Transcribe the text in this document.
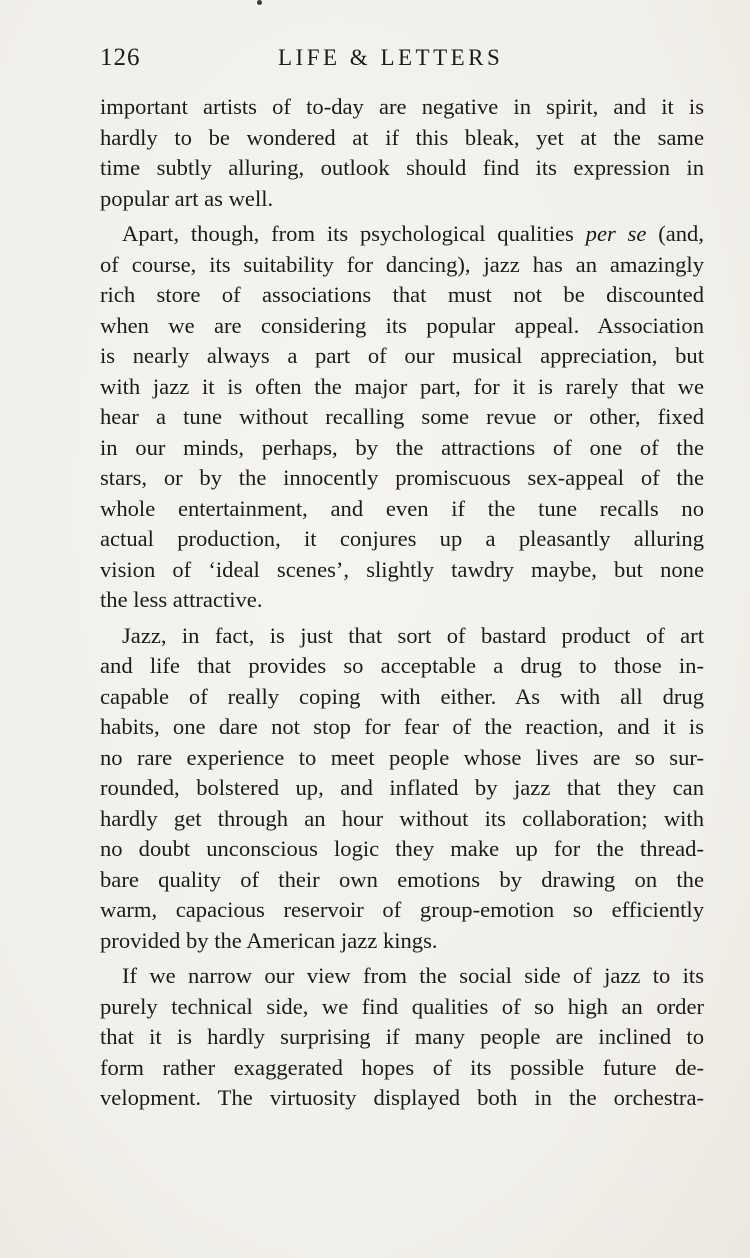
126	LIFE & LETTERS

important artists of to-day are negative in spirit, and it is
hardly to be wondered at if this bleak, yet at the same
time subtly alluring, outlook should find its expression in
popular art as well.

Apart, though, from its psychological qualities per se (and,
of course, its suitability for dancing), jazz has an amazingly
rich store of associations that must not be discounted
when we are considering its popular appeal. Association
is nearly always a part of our musical appreciation, but
with jazz it is often the major part, for it is rarely that we
hear a tune without recalling some revue or other, fixed
in our minds, perhaps, by the attractions of one of the
stars, or by the innocently promiscuous sex-appeal of the
whole entertainment, and even if the tune recalls no
actual production, it conjures up a pleasantly alluring
vision of ‘ideal scenes’, slightly tawdry maybe, but none
the less attractive.

Jazz, in fact, is just that sort of bastard product of art
and life that provides so acceptable a drug to those in-
capable of really coping with either. As with all drug
habits, one dare not stop for fear of the reaction, and it is
no rare experience to meet people whose lives are so sur-
rounded, bolstered up, and inflated by jazz that they can
hardly get through an hour without its collaboration; with
no doubt unconscious logic they make up for the thread-
bare quality of their own emotions by drawing on the
warm, capacious reservoir of group-emotion so efficiently
provided by the American jazz kings.

If we narrow our view from the social side of jazz to its
purely technical side, we find qualities of so high an order
that it is hardly surprising if many people are inclined to
form rather exaggerated hopes of its possible future de-
velopment. The virtuosity displayed both in the orchestra-
